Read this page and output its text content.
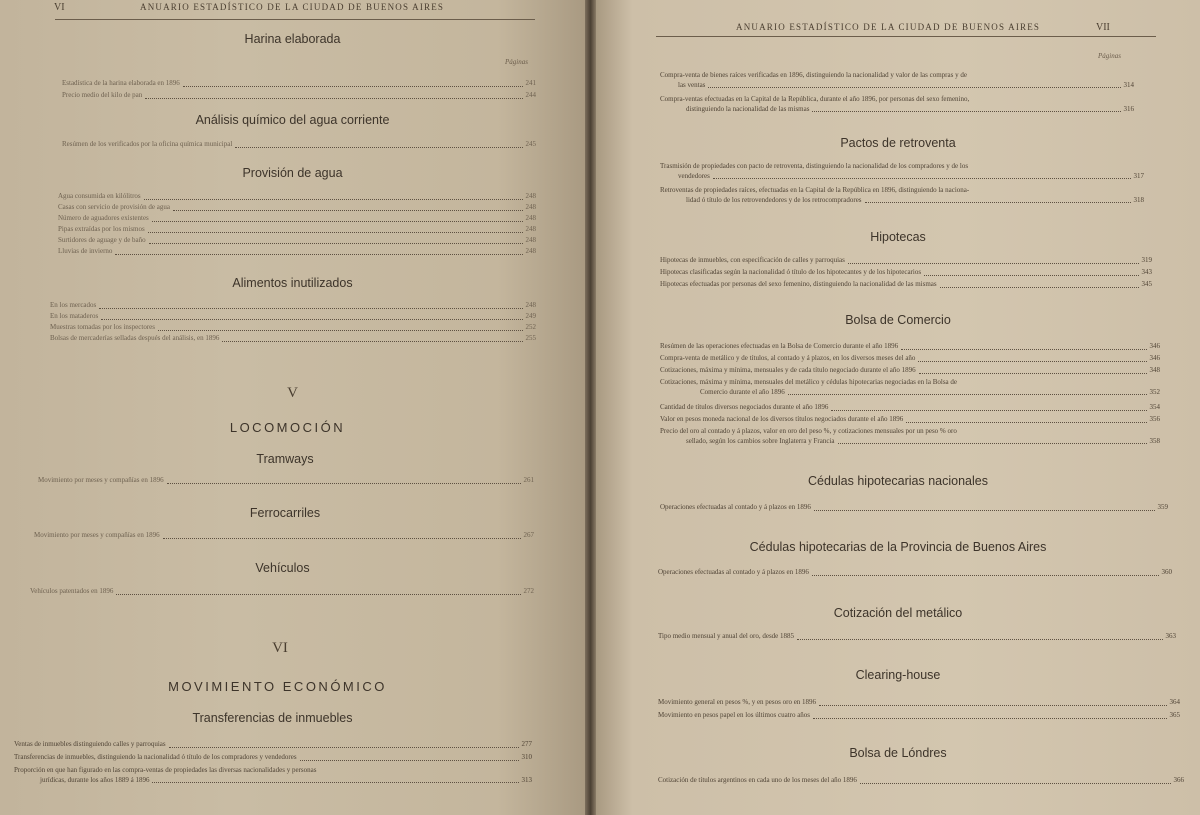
VI	ANUARIO ESTADÍSTICO DE LA CIUDAD DE BUENOS AIRES
Harina elaborada
Páginas
Estadística de la harina elaborada en 1896	241
Precio medio del kilo de pan	244
Análisis químico del agua corriente
Resúmen de los verificados por la oficina química municipal	245
Provisión de agua
Agua consumida en kilólitros	248
Casas con servicio de provisión de agua	248
Número de aguadores existentes	248
Pipas extraídas por los mismos	248
Surtidores de aguage y de baño	248
Lluvias de invierno	248
Alimentos inutilizados
En los mercados	248
En los mataderos	249
Muestras tomadas por los inspectores	252
Bolsas de mercaderías selladas después del análisis, en 1896	255
V
LOCOMOCIÓN
Tramways
Movimiento por meses y compañías en 1896	261
Ferrocarriles
Movimiento por meses y compañías en 1896	267
Vehículos
Vehículos patentados en 1896	272
VI
MOVIMIENTO ECONÓMICO
Transferencias de inmuebles
Ventas de inmuebles distinguiendo calles y parroquias	277
Transferencias de inmuebles, distinguiendo la nacionalidad ó título de los compradores y vendedores	310
Proporción en que han figurado en las compra-ventas de propiedades las diversas nacionalidades y personas
jurídicas, durante los años 1889 á 1896	313
ANUARIO ESTADÍSTICO DE LA CIUDAD DE BUENOS AIRES	VII
Páginas
Compra-venta de bienes raíces verificadas en 1896, distinguiendo la nacionalidad y valor de las compras y de
las ventas	314
Compra-ventas efectuadas en la Capital de la República, durante el año 1896, por personas del sexo femenino,
distinguiendo la nacionalidad de las mismas	316
Pactos de retroventa
Trasmisión de propiedades con pacto de retroventa, distinguiendo la nacionalidad de los compradores y de los
vendedores	317
Retroventas de propiedades raíces, efectuadas en la Capital de la República en 1896, distinguiendo la naciona-
lidad ó título de los retrovendedores y de los retrocompradores	318
Hipotecas
Hipotecas de inmuebles, con especificación de calles y parroquias	319
Hipotecas clasificadas según la nacionalidad ó título de los hipotecantes y de los hipotecarios	343
Hipotecas efectuadas por personas del sexo femenino, distinguiendo la nacionalidad de las mismas	345
Bolsa de Comercio
Resúmen de las operaciones efectuadas en la Bolsa de Comercio durante el año 1896	346
Compra-venta de metálico y de títulos, al contado y á plazos, en los diversos meses del año	346
Cotizaciones, máxima y mínima, mensuales y de cada título negociado durante el año 1896	348
Cotizaciones, máxima y mínima, mensuales del metálico y cédulas hipotecarias negociadas en la Bolsa de
Comercio durante el año 1896	352
Cantidad de títulos diversos negociados durante el año 1896	354
Valor en pesos moneda nacional de los diversos títulos negociados durante el año 1896	356
Precio del oro al contado y á plazos, valor en oro del peso %, y cotizaciones mensuales por un peso % oro
sellado, según los cambios sobre Inglaterra y Francia	358
Cédulas hipotecarias nacionales
Operaciones efectuadas al contado y á plazos en 1896	359
Cédulas hipotecarias de la Provincia de Buenos Aires
Operaciones efectuadas al contado y á plazos en 1896	360
Cotización del metálico
Tipo medio mensual y anual del oro, desde 1885	363
Clearing-house
Movimiento general en pesos %, y en pesos oro en 1896	364
Movimiento en pesos papel en los últimos cuatro años	365
Bolsa de Lóndres
Cotización de títulos argentinos en cada uno de los meses del año 1896	366
